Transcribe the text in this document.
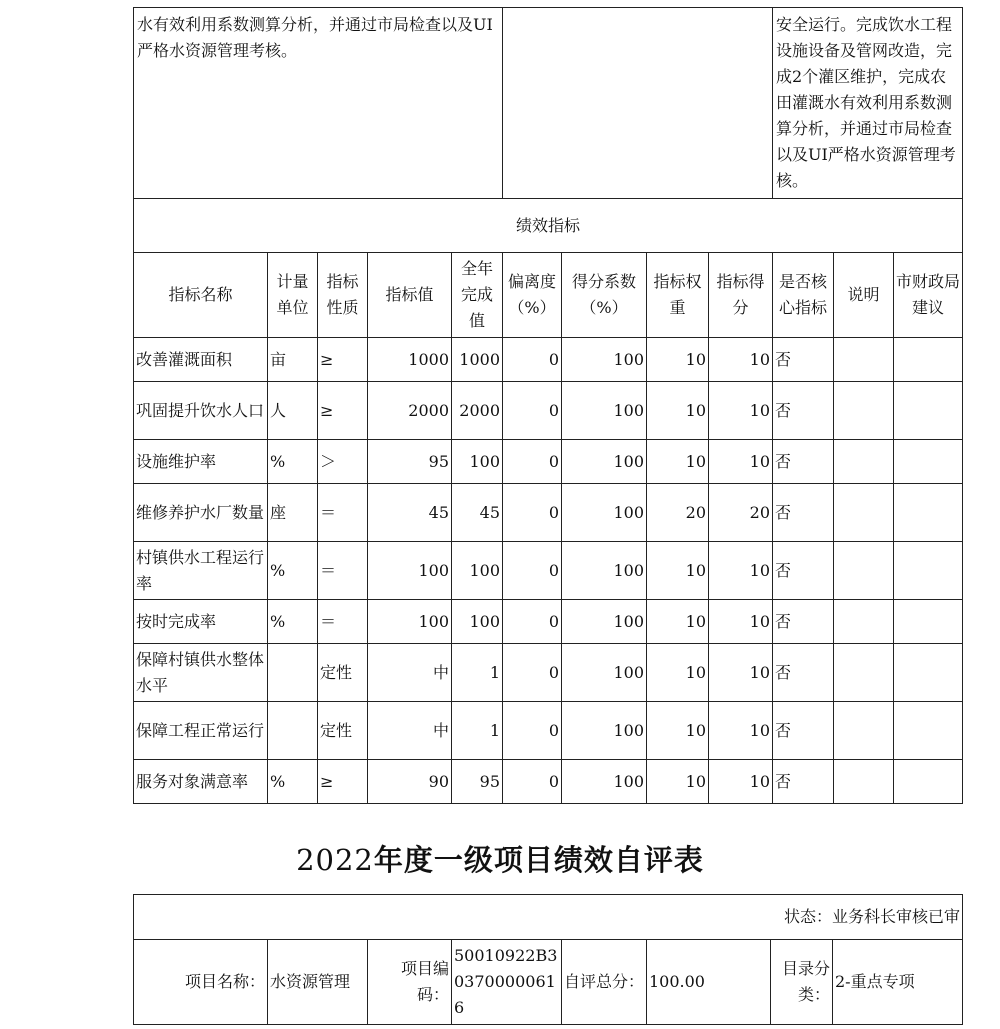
水有效利用系数测算分析，并通过市局检查以及UI严格水资源管理考核。									安全运行。完成饮水工程设施设备及管网改造，完成2个灌区维护，完成农田灌溉水有效利用系数测算分析，并通过市局检查以及UI严格水资源管理考核。		

绩效指标											
指标名称	计量单位	指标性质	指标值	全年完成值	偏离度（%）	得分系数（%）	指标权重	指标得分	是否核心指标	说明	市财政局建议
改善灌溉面积	亩	≥	1000	1000	0	100	10	10	否		
巩固提升饮水人口	人	≥	2000	2000	0	100	10	10	否		
设施维护率	%	＞	95	100	0	100	10	10	否		
维修养护水厂数量	座	＝	45	45	0	100	20	20	否		
村镇供水工程运行率	%	＝	100	100	0	100	10	10	否		
按时完成率	%	＝	100	100	0	100	10	10	否		
保障村镇供水整体水平		定性	中	1	0	100	10	10	否		
保障工程正常运行		定性	中	1	0	100	10	10	否		
服务对象满意率	%	≥	90	95	0	100	10	10	否		
2022年度一级项目绩效自评表
状态：业务科长审核已审
项目名称：	水资源管理	项目编码：	50010922B303700000616	自评总分：	100.00	目录分类：	2-重点专项
